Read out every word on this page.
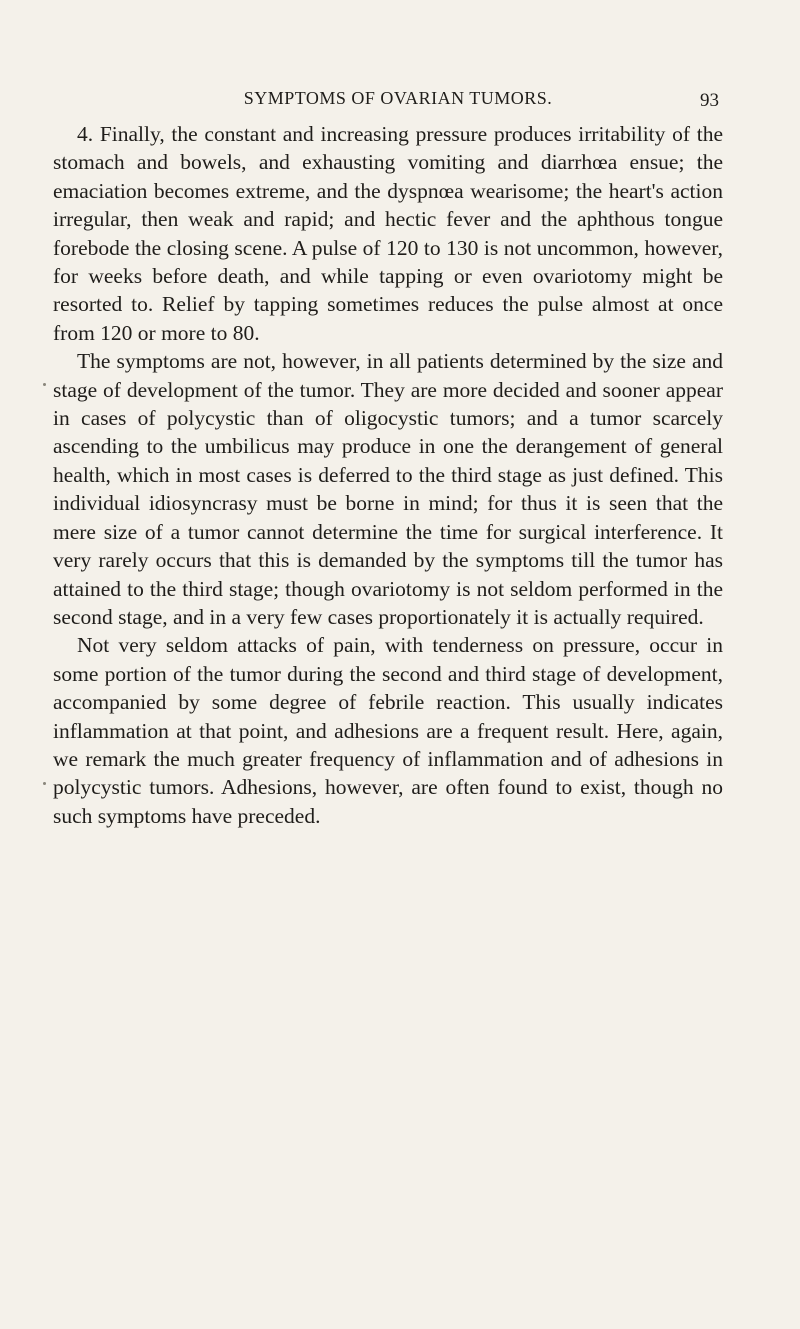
SYMPTOMS OF OVARIAN TUMORS.	93

4. Finally, the constant and increasing pressure produces irritability of the stomach and bowels, and exhausting vomiting and diarrhœa ensue; the emaciation becomes extreme, and the dyspnœa wearisome; the heart's action irregular, then weak and rapid; and hectic fever and the aphthous tongue forebode the closing scene. A pulse of 120 to 130 is not uncommon, however, for weeks before death, and while tapping or even ovariotomy might be resorted to. Relief by tapping sometimes reduces the pulse almost at once from 120 or more to 80.

The symptoms are not, however, in all patients determined by the size and stage of development of the tumor. They are more decided and sooner appear in cases of polycystic than of oligocystic tumors; and a tumor scarcely ascending to the umbilicus may produce in one the derangement of general health, which in most cases is deferred to the third stage as just defined. This individual idiosyncrasy must be borne in mind; for thus it is seen that the mere size of a tumor cannot determine the time for surgical interference. It very rarely occurs that this is demanded by the symptoms till the tumor has attained to the third stage; though ovariotomy is not seldom performed in the second stage, and in a very few cases proportionately it is actually required.

Not very seldom attacks of pain, with tenderness on pressure, occur in some portion of the tumor during the second and third stage of development, accompanied by some degree of febrile reaction. This usually indicates inflammation at that point, and adhesions are a frequent result. Here, again, we remark the much greater frequency of inflammation and of adhesions in polycystic tumors. Adhesions, however, are often found to exist, though no such symptoms have preceded.
